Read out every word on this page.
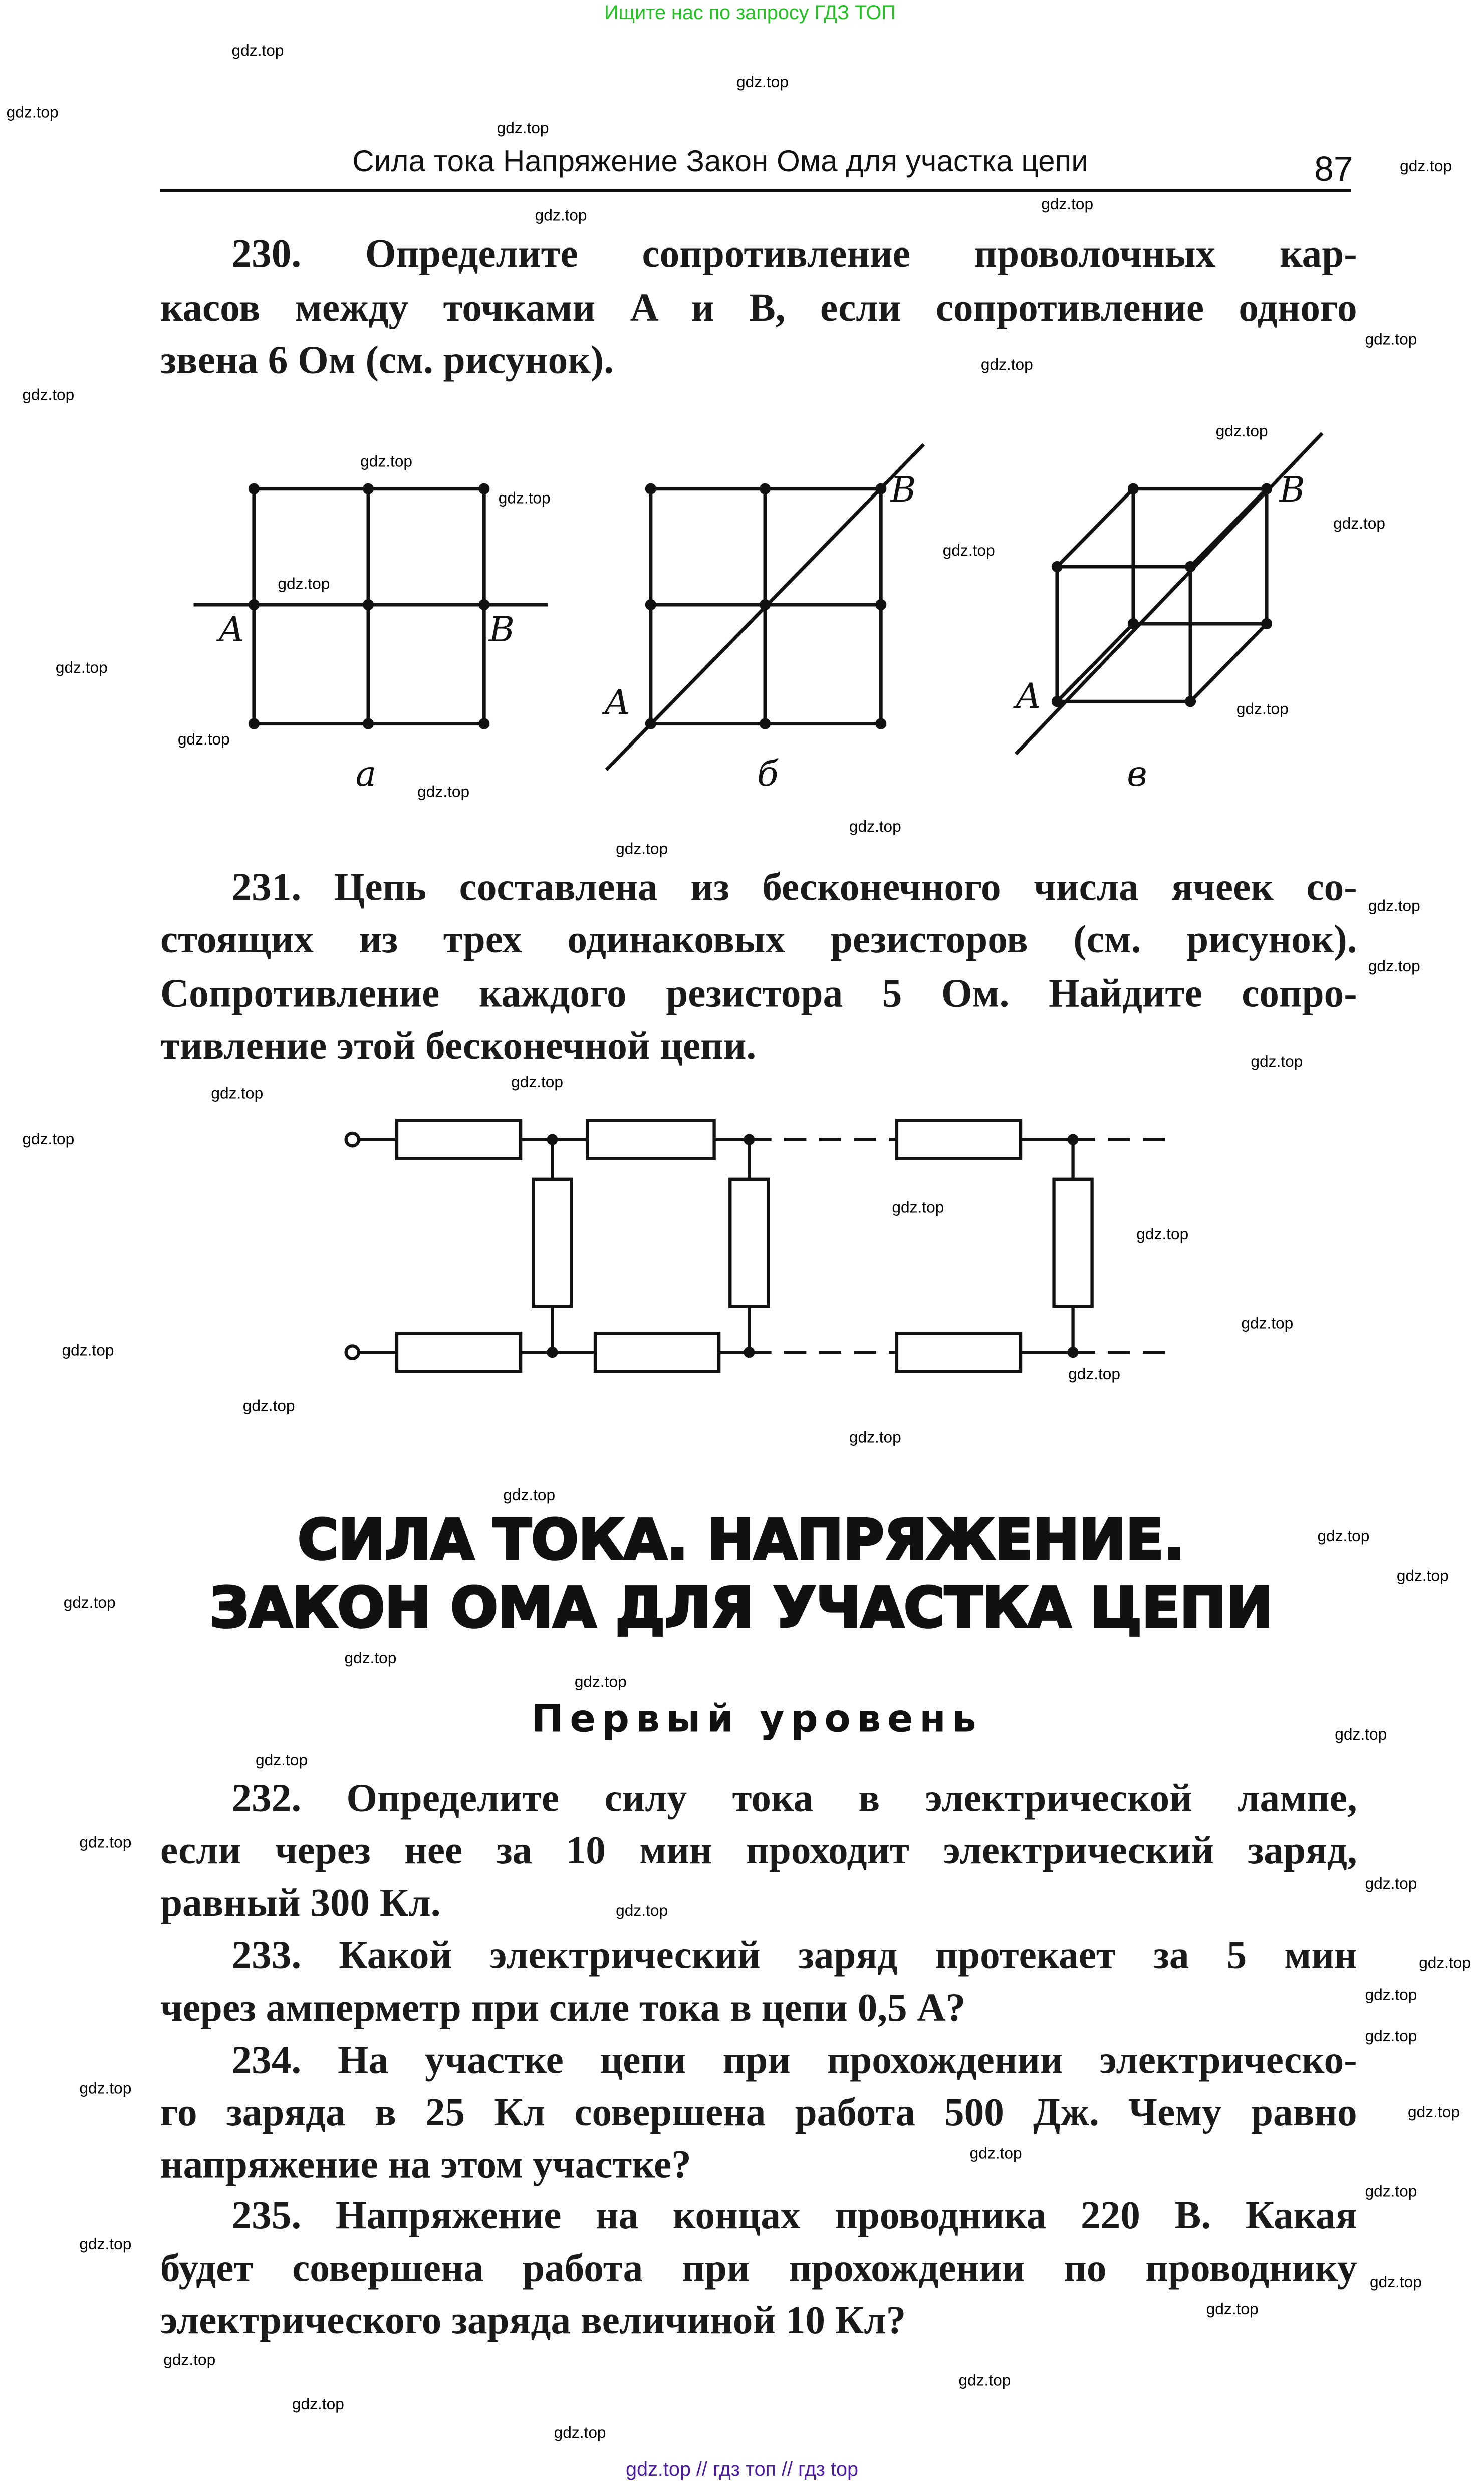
Ищите нас по запросу ГДЗ ТОП
Сила тока Напряжение Закон Ома для участка цепи	87
230. Определите сопротивление проволочных кар-
касов между точками A и B, если сопротивление одного
звена 6 Ом (см. рисунок).
A	B
а
A
B
б
A
B
в
231. Цепь составлена из бесконечного числа ячеек со-
стоящих из трех одинаковых резисторов (см. рисунок).
Сопротивление каждого резистора 5 Ом. Найдите сопро-
тивление этой бесконечной цепи.
СИЛА ТОКА. НАПРЯЖЕНИЕ.
ЗАКОН ОМА ДЛЯ УЧАСТКА ЦЕПИ
Первый уровень
232. Определите силу тока в электрической лампе,
если через нее за 10 мин проходит электрический заряд,
равный 300 Кл.
233. Какой электрический заряд протекает за 5 мин
через амперметр при силе тока в цепи 0,5 А?
234. На участке цепи при прохождении электрическо-
го заряда в 25 Кл совершена работа 500 Дж. Чему равно
напряжение на этом участке?
235. Напряжение на концах проводника 220 В. Какая
будет совершена работа при прохождении по проводнику
электрического заряда величиной 10 Кл?
gdz.top // гдз топ // гдз top
gdz.top
gdz.top
gdz.top
gdz.top
gdz.top
gdz.top
gdz.top
gdz.top
gdz.top
gdz.top
gdz.top
gdz.top
gdz.top
gdz.top
gdz.top
gdz.top
gdz.top
gdz.top
gdz.top
gdz.top
gdz.top
gdz.top
gdz.top
gdz.top
gdz.top
gdz.top
gdz.top
gdz.top
gdz.top
gdz.top
gdz.top
gdz.top
gdz.top
gdz.top
gdz.top
gdz.top
gdz.top
gdz.top
gdz.top
gdz.top
gdz.top
gdz.top
gdz.top
gdz.top
gdz.top
gdz.top
gdz.top
gdz.top
gdz.top
gdz.top
gdz.top
gdz.top
gdz.top
gdz.top
gdz.top
gdz.top
gdz.top
gdz.top
gdz.top
gdz.top
